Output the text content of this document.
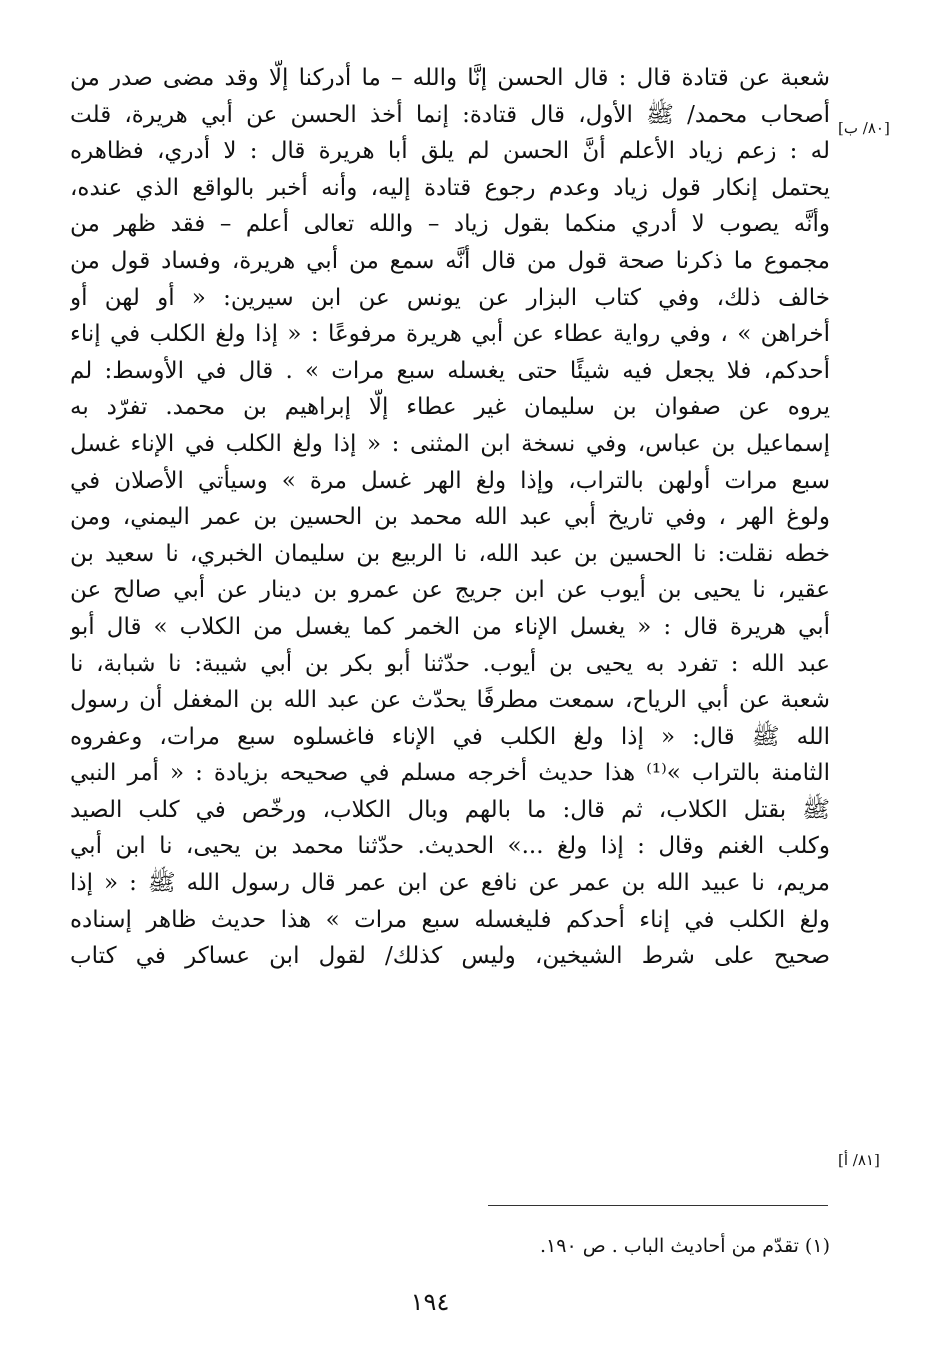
شعبة عن قتادة قال : قال الحسن إنَّا والله – ما أدركنا إلَّا وقد مضى صدر من
أصحاب محمد/ ﷺ الأول، قال قتادة: إنما أخذ الحسن عن أبي هريرة، قلت
له : زعم زياد الأعلم أنَّ الحسن لم يلق أبا هريرة قال : لا أدري، فظاهره
يحتمل إنكار قول زياد وعدم رجوع قتادة إليه، وأنه أخبر بالواقع الذي عنده،
وأنَّه يصوب لا أدري منكما بقول زياد – والله تعالى أعلم – فقد ظهر من
مجموع ما ذكرنا صحة قول من قال أنَّه سمع من أبي هريرة، وفساد قول من
خالف ذلك، وفي كتاب البزار عن يونس عن ابن سيرين: « أو لهن أو
أخراهن » ، وفي رواية عطاء عن أبي هريرة مرفوعًا : « إذا ولغ الكلب في إناء
أحدكم، فلا يجعل فيه شيئًا حتى يغسله سبع مرات » . قال في الأوسط: لم
يروه عن صفوان بن سليمان غير عطاء إلَّا إبراهيم بن محمد. تفرّد به
إسماعيل بن عباس، وفي نسخة ابن المثنى : « إذا ولغ الكلب في الإناء غسل
سبع مرات أولهن بالتراب، وإذا ولغ الهر غسل مرة » وسيأتي الأصلان في
ولوغ الهر ، وفي تاريخ أبي عبد الله محمد بن الحسين بن عمر اليمني، ومن
خطه نقلت: نا الحسين بن عبد الله، نا الربيع بن سليمان الخبري، نا سعيد بن
عقير، نا يحيى بن أيوب عن ابن جريج عن عمرو بن دينار عن أبي صالح عن
أبي هريرة قال : « يغسل الإناء من الخمر كما يغسل من الكلاب » قال أبو
عبد الله : تفرد به يحيى بن أيوب. حدّثنا أبو بكر بن أبي شيبة: نا شبابة، نا
شعبة عن أبي الرياح، سمعت مطرفًا يحدّث عن عبد الله بن المغفل أن رسول
الله ﷺ قال: « إذا ولغ الكلب في الإناء فاغسلوه سبع مرات، وعفروه
الثامنة بالتراب »⁽¹⁾ هذا حديث أخرجه مسلم في صحيحه بزيادة : « أمر النبي
ﷺ بقتل الكلاب، ثم قال: ما بالهم وبال الكلاب، ورخّص في كلب الصيد
وكلب الغنم وقال : إذا ولغ ...» الحديث. حدّثنا محمد بن يحيى، نا ابن أبي
مريم، نا عبيد الله بن عمر عن نافع عن ابن عمر قال رسول الله ﷺ : « إذا
ولغ الكلب في إناء أحدكم فليغسله سبع مرات » هذا حديث ظاهر إسناده
صحيح على شرط الشيخين، وليس كذلك/ لقول ابن عساكر في كتاب
[٨٠/ ب]
[٨١/ أ]
(١) تقدّم من أحاديث الباب . ص ١٩٠.
١٩٤
